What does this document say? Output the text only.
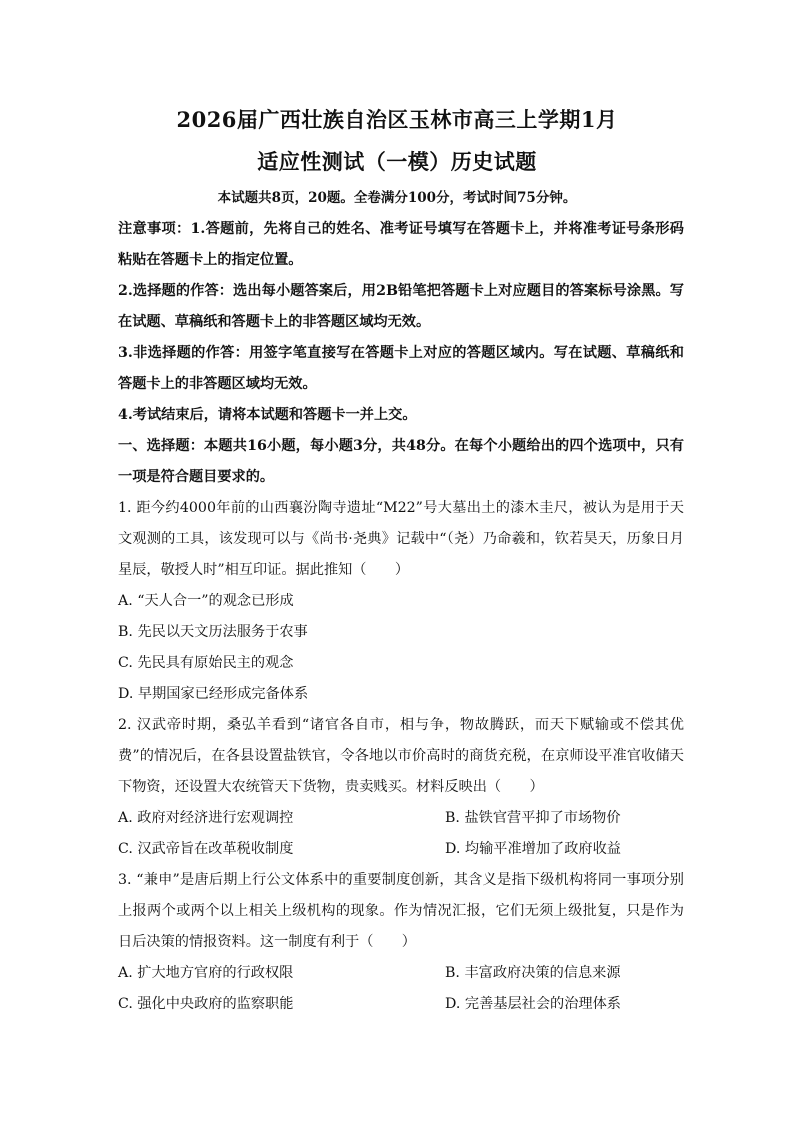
2026届广西壮族自治区玉林市高三上学期1月
适应性测试（一模）历史试题
本试题共8页，20题。全卷满分100分，考试时间75分钟。

注意事项：1.答题前，先将自己的姓名、准考证号填写在答题卡上，并将准考证号条形码粘贴在答题卡上的指定位置。

2.选择题的作答：选出每小题答案后，用2B铅笔把答题卡上对应题目的答案标号涂黑。写在试题、草稿纸和答题卡上的非答题区域均无效。

3.非选择题的作答：用签字笔直接写在答题卡上对应的答题区域内。写在试题、草稿纸和答题卡上的非答题区域均无效。

4.考试结束后，请将本试题和答题卡一并上交。

一、选择题：本题共16小题，每小题3分，共48分。在每个小题给出的四个选项中，只有一项是符合题目要求的。

1. 距今约4000年前的山西襄汾陶寺遗址“M22”号大墓出土的漆木圭尺，被认为是用于天文观测的工具，该发现可以与《尚书·尧典》记载中“（尧）乃命羲和，钦若昊天，历象日月星辰，敬授人时”相互印证。据此推知（　　）

A. “天人合一”的观念已形成

B. 先民以天文历法服务于农事

C. 先民具有原始民主的观念

D. 早期国家已经形成完备体系

2. 汉武帝时期，桑弘羊看到“诸官各自市，相与争，物故腾跃，而天下赋输或不偿其优费”的情况后，在各县设置盐铁官，令各地以市价高时的商货充税，在京师设平准官收储天下物资，还设置大农统管天下货物，贵卖贱买。材料反映出（　　）

A. 政府对经济进行宏观调控	B. 盐铁官营平抑了市场物价
C. 汉武帝旨在改革税收制度	D. 均输平准增加了政府收益

3. “兼申”是唐后期上行公文体系中的重要制度创新，其含义是指下级机构将同一事项分别上报两个或两个以上相关上级机构的现象。作为情况汇报，它们无须上级批复，只是作为日后决策的情报资料。这一制度有利于（　　）

A. 扩大地方官府的行政权限	B. 丰富政府决策的信息来源
C. 强化中央政府的监察职能	D. 完善基层社会的治理体系
